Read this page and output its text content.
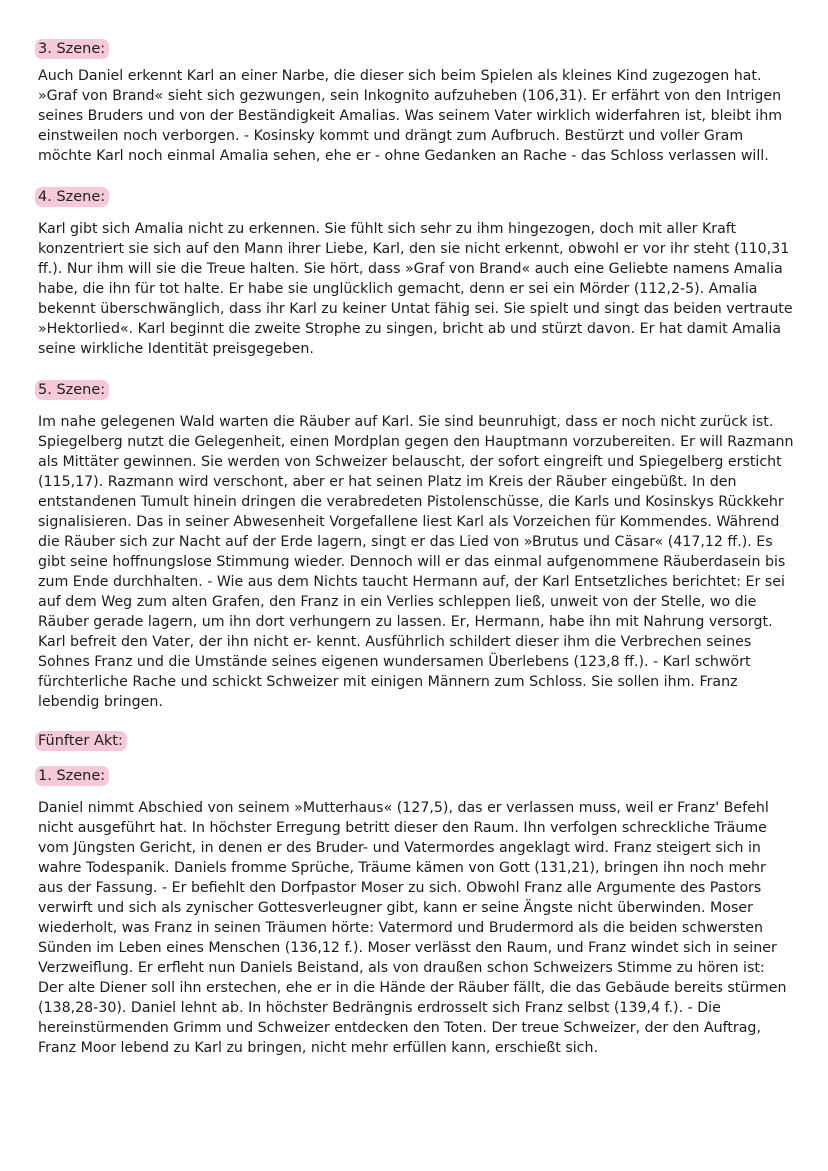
3. Szene:

Auch Daniel erkennt Karl an einer Narbe, die dieser sich beim Spielen als kleines Kind zugezogen hat. »Graf von Brand« sieht sich gezwungen, sein Inkognito aufzuheben (106,31). Er erfährt von den Intrigen seines Bruders und von der Beständigkeit Amalias. Was seinem Vater wirklich widerfahren ist, bleibt ihm einstweilen noch verborgen. - Kosinsky kommt und drängt zum Aufbruch. Bestürzt und voller Gram möchte Karl noch einmal Amalia sehen, ehe er - ohne Gedanken an Rache - das Schloss verlassen will.

4. Szene:

Karl gibt sich Amalia nicht zu erkennen. Sie fühlt sich sehr zu ihm hingezogen, doch mit aller Kraft konzentriert sie sich auf den Mann ihrer Liebe, Karl, den sie nicht erkennt, obwohl er vor ihr steht (110,31 ff.). Nur ihm will sie die Treue halten. Sie hört, dass »Graf von Brand« auch eine Geliebte namens Amalia habe, die ihn für tot halte. Er habe sie unglücklich gemacht, denn er sei ein Mörder (112,2-5). Amalia bekennt überschwänglich, dass ihr Karl zu keiner Untat fähig sei. Sie spielt und singt das beiden vertraute »Hektorlied«. Karl beginnt die zweite Strophe zu singen, bricht ab und stürzt davon. Er hat damit Amalia seine wirkliche Identität preisgegeben.

5. Szene:

Im nahe gelegenen Wald warten die Räuber auf Karl. Sie sind beunruhigt, dass er noch nicht zurück ist. Spiegelberg nutzt die Gelegenheit, einen Mordplan gegen den Hauptmann vorzubereiten. Er will Razmann als Mittäter gewinnen. Sie werden von Schweizer belauscht, der sofort eingreift und Spiegelberg ersticht (115,17). Razmann wird verschont, aber er hat seinen Platz im Kreis der Räuber eingebüßt. In den entstandenen Tumult hinein dringen die verabredeten Pistolenschüsse, die Karls und Kosinskys Rückkehr signalisieren. Das in seiner Abwesenheit Vorgefallene liest Karl als Vorzeichen für Kommendes. Während die Räuber sich zur Nacht auf der Erde lagern, singt er das Lied von »Brutus und Cäsar« (417,12 ff.). Es gibt seine hoffnungslose Stimmung wieder. Dennoch will er das einmal aufgenommene Räuberdasein bis zum Ende durchhalten. - Wie aus dem Nichts taucht Hermann auf, der Karl Entsetzliches berichtet: Er sei auf dem Weg zum alten Grafen, den Franz in ein Verlies schleppen ließ, unweit von der Stelle, wo die Räuber gerade lagern, um ihn dort verhungern zu lassen. Er, Hermann, habe ihn mit Nahrung versorgt. Karl befreit den Vater, der ihn nicht er- kennt. Ausführlich schildert dieser ihm die Verbrechen seines Sohnes Franz und die Umstände seines eigenen wundersamen Überlebens (123,8 ff.). - Karl schwört fürchterliche Rache und schickt Schweizer mit einigen Männern zum Schloss. Sie sollen ihm. Franz lebendig bringen.

Fünfter Akt:
1. Szene:

Daniel nimmt Abschied von seinem »Mutterhaus« (127,5), das er verlassen muss, weil er Franz' Befehl nicht ausgeführt hat. In höchster Erregung betritt dieser den Raum. Ihn verfolgen schreckliche Träume vom Jüngsten Gericht, in denen er des Bruder- und Vatermordes angeklagt wird. Franz steigert sich in wahre Todespanik. Daniels fromme Sprüche, Träume kämen von Gott (131,21), bringen ihn noch mehr aus der Fassung. - Er befiehlt den Dorfpastor Moser zu sich. Obwohl Franz alle Argumente des Pastors verwirft und sich als zynischer Gottesverleugner gibt, kann er seine Ängste nicht überwinden. Moser wiederholt, was Franz in seinen Träumen hörte: Vatermord und Brudermord als die beiden schwersten Sünden im Leben eines Menschen (136,12 f.). Moser verlässt den Raum, und Franz windet sich in seiner Verzweiflung. Er erfleht nun Daniels Beistand, als von draußen schon Schweizers Stimme zu hören ist: Der alte Diener soll ihn erstechen, ehe er in die Hände der Räuber fällt, die das Gebäude bereits stürmen (138,28-30). Daniel lehnt ab. In höchster Bedrängnis erdrosselt sich Franz selbst (139,4 f.). - Die hereinstürmenden Grimm und Schweizer entdecken den Toten. Der treue Schweizer, der den Auftrag, Franz Moor lebend zu Karl zu bringen, nicht mehr erfüllen kann, erschießt sich.
